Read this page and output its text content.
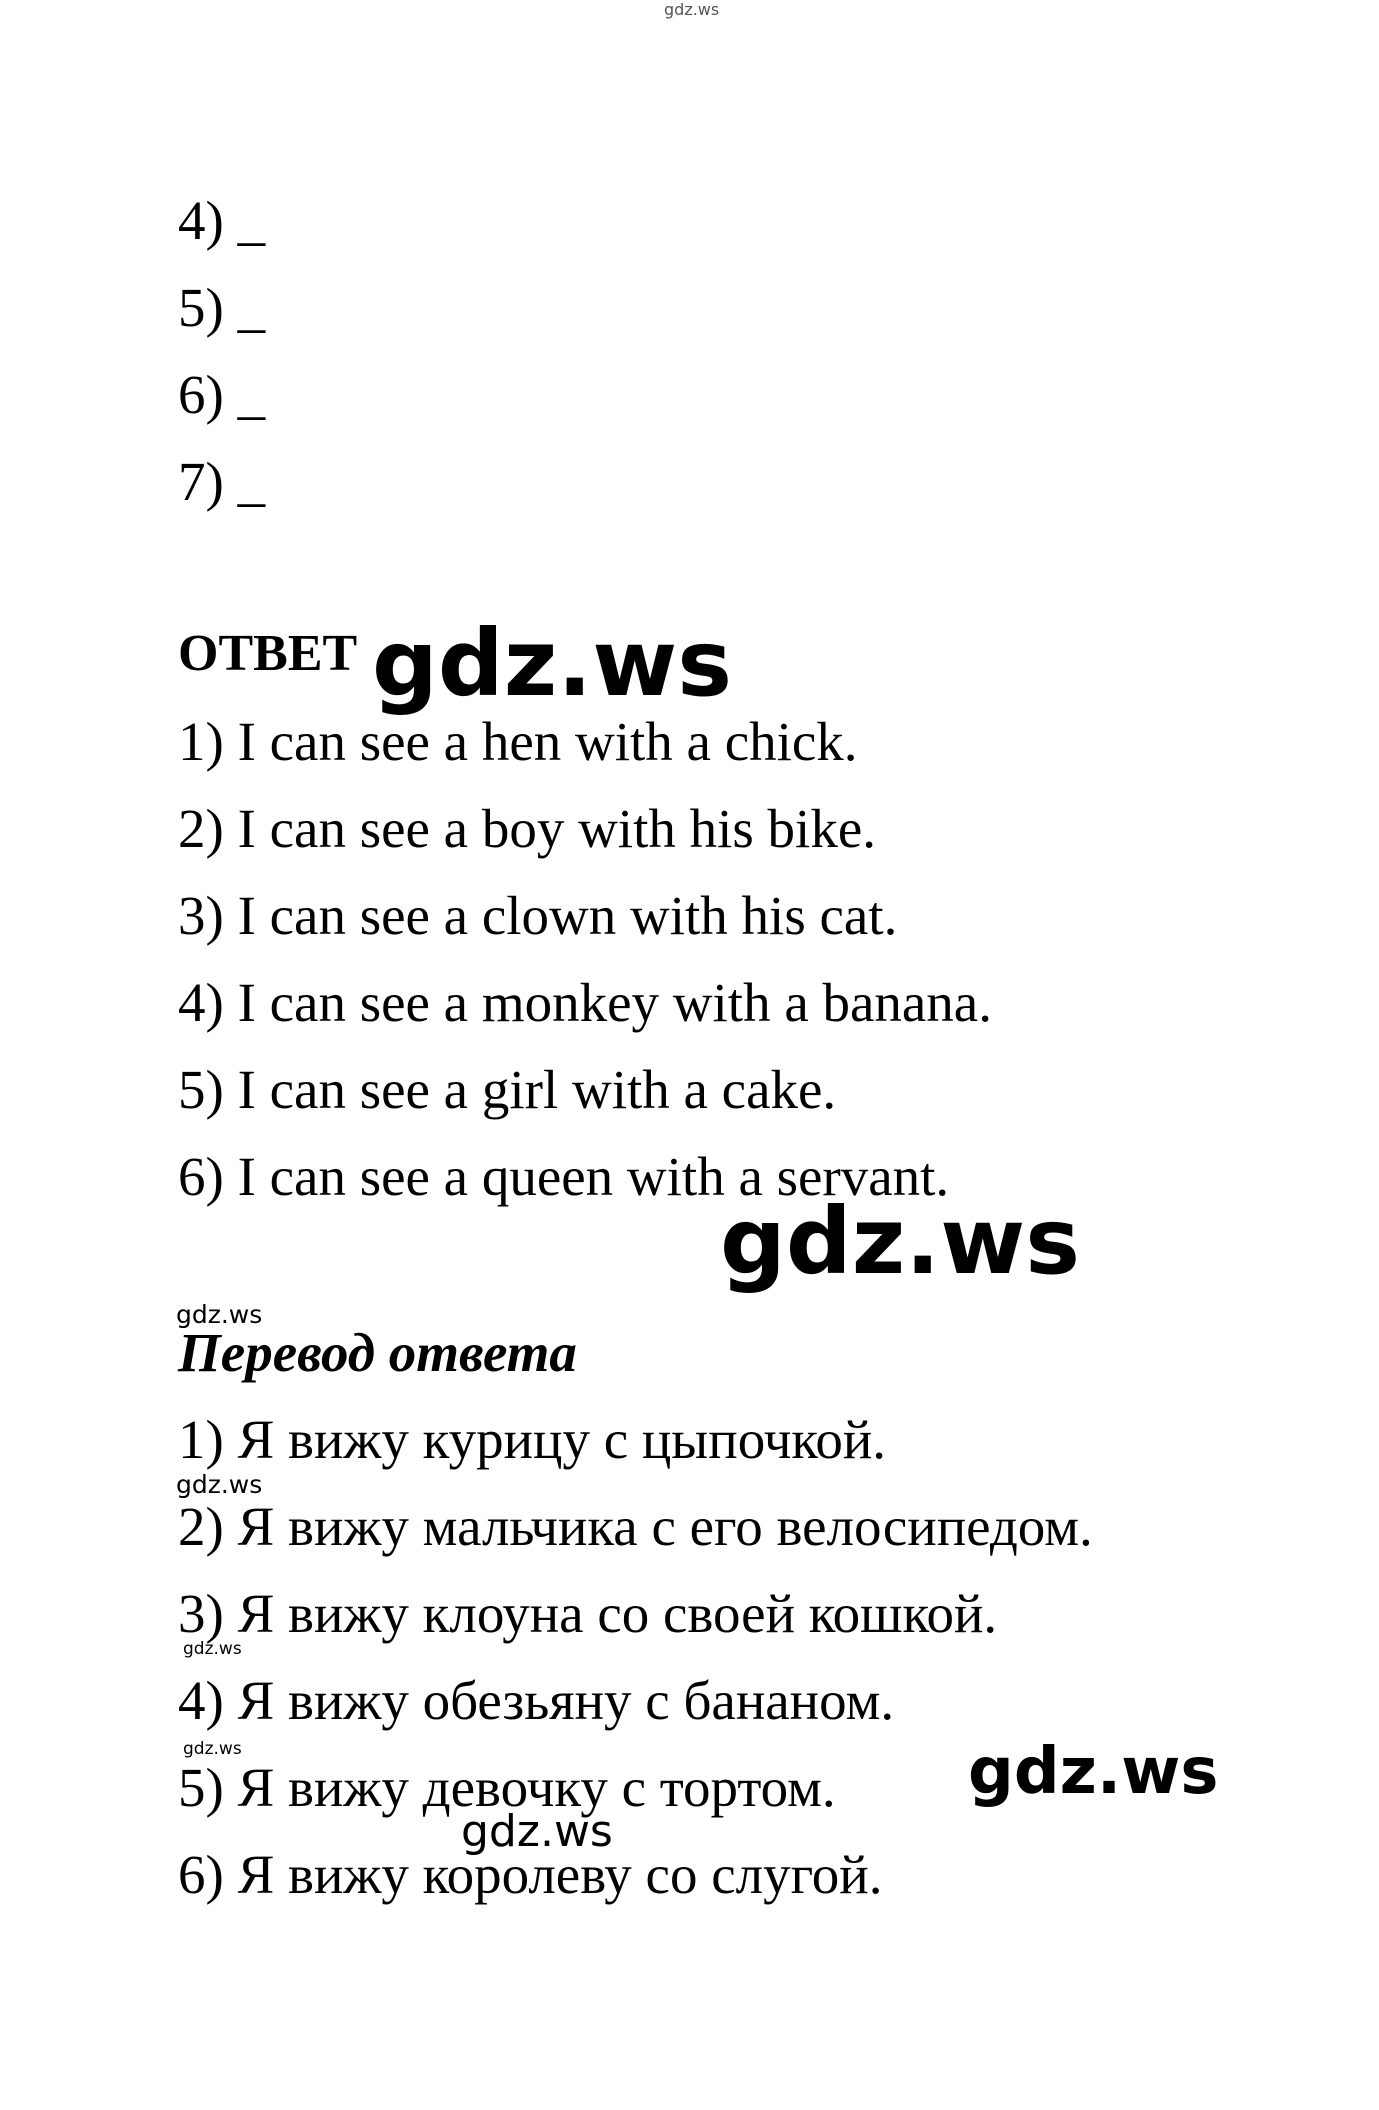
gdz.ws
4) _
5) _
6) _
7) _
ОТВЕТ gdz.ws
1) I can see a hen with a chick.
2) I can see a boy with his bike.
3) I can see a clown with his cat.
4) I can see a monkey with a banana.
5) I can see a girl with a cake.
6) I can see a queen with a servant.
gdz.ws
gdz.ws
Перевод ответа
1) Я вижу курицу с цыпочкой.
2) Я вижу мальчика с его велосипедом.
3) Я вижу клоуна со своей кошкой.
4) Я вижу обезьяну с бананом.
5) Я вижу девочку с тортом.
6) Я вижу королеву со слугой.
gdz.ws
gdz.ws
gdz.ws	gdz.ws
gdz.ws
